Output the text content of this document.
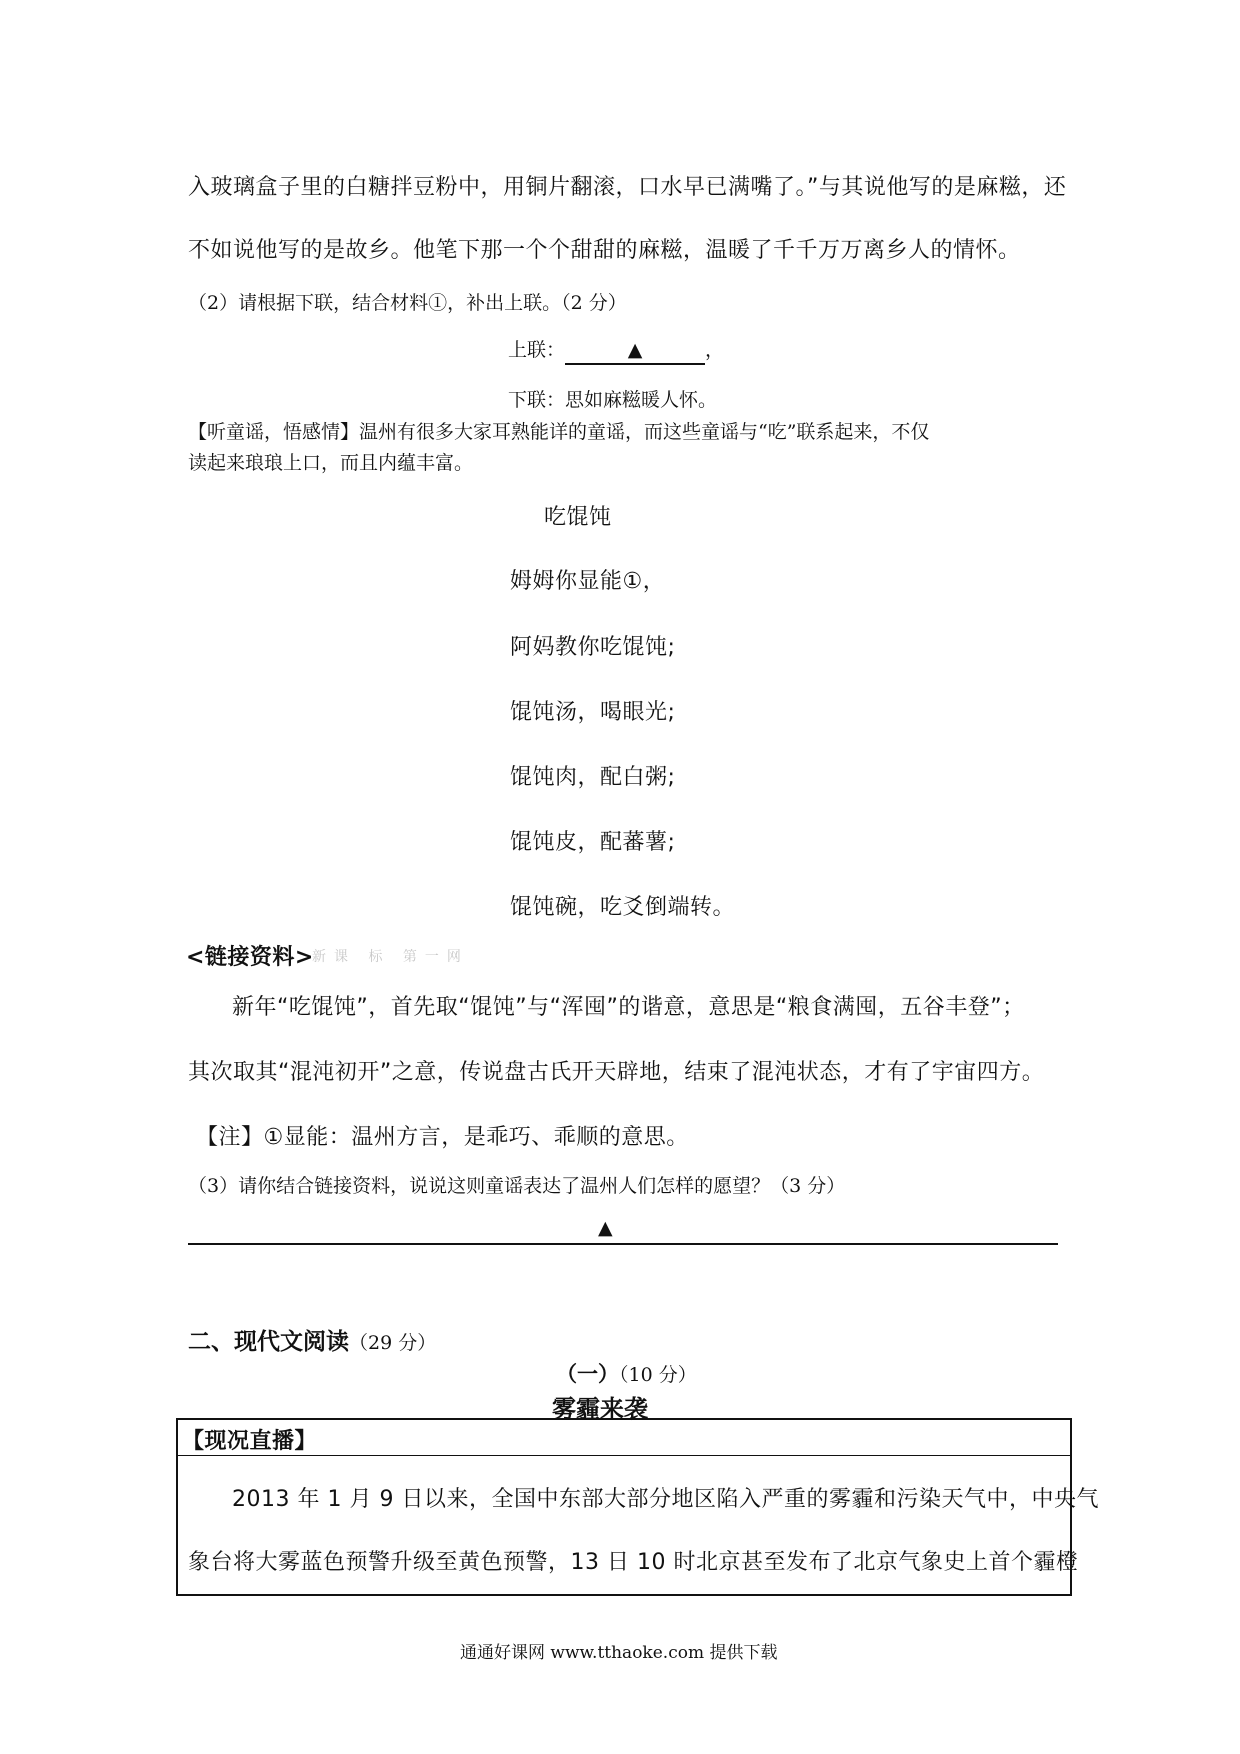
入玻璃盒子里的白糖拌豆粉中，用铜片翻滚，口水早已满嘴了。”与其说他写的是麻糍，还
不如说他写的是故乡。他笔下那一个个甜甜的麻糍，温暖了千千万万离乡人的情怀。
（2）请根据下联，结合材料①，补出上联。（2 分）
上联：	▲	，
下联：思如麻糍暖人怀。
【听童谣，悟感情】温州有很多大家耳熟能详的童谣，而这些童谣与“吃”联系起来，不仅
读起来琅琅上口，而且内蕴丰富。
吃馄饨
姆姆你显能①，
阿妈教你吃馄饨;
馄饨汤，喝眼光;
馄饨肉，配白粥;
馄饨皮，配蕃薯;
馄饨碗，吃爻倒端转。
<链接资料>
新课 标 第一网
新年“吃馄饨”，首先取“馄饨”与“浑囤”的谐意，意思是“粮食满囤，五谷丰登”；
其次取其“混沌初开”之意，传说盘古氏开天辟地，结束了混沌状态，才有了宇宙四方。
【注】①显能：温州方言，是乖巧、乖顺的意思。
（3）请你结合链接资料，说说这则童谣表达了温州人们怎样的愿望？（3 分）
▲
二、现代文阅读（29 分）
（一）（10 分）
雾霾来袭
【现况直播】
2013 年 1 月 9 日以来，全国中东部大部分地区陷入严重的雾霾和污染天气中，中央气
象台将大雾蓝色预警升级至黄色预警，13 日 10 时北京甚至发布了北京气象史上首个霾橙
通通好课网 www.tthaoke.com 提供下载
